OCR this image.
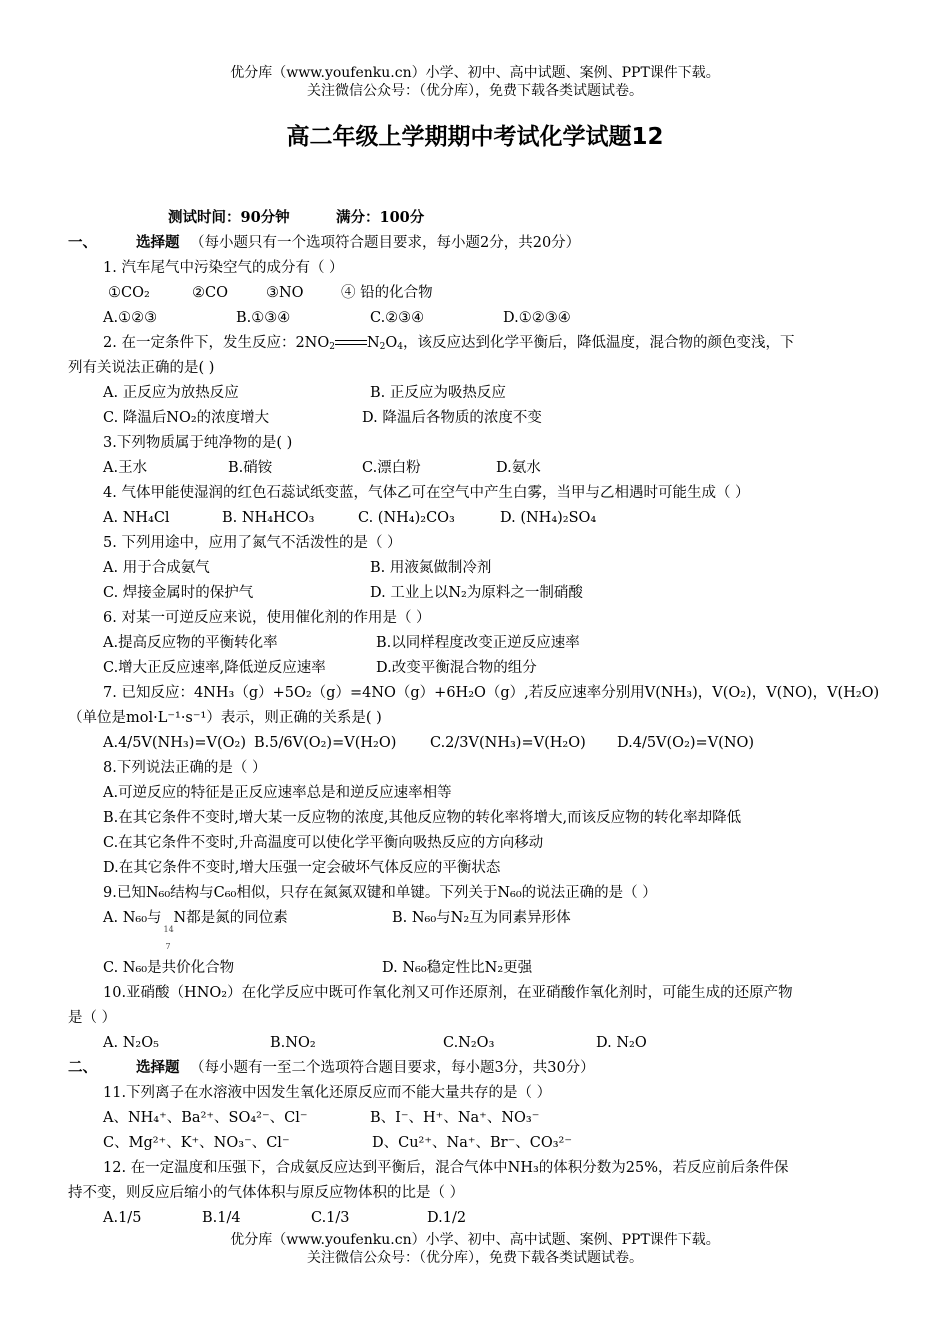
优分库（www.youfenku.cn）小学、初中、高中试题、案例、PPT课件下载。
关注微信公众号：（优分库），免费下载各类试题试卷。
高二年级上学期期中考试化学试题12
测试时间：90分钟	满分：100分
一、	选择题 （每小题只有一个选项符合题目要求，每小题2分，共20分）
1. 汽车尾气中污染空气的成分有（ ）
①CO₂	②CO	③NO	④ 铅的化合物
A.①②③	B.①③④	C.②③④	D.①②③④
2. 在一定条件下，发生反应：$2NO_2$ $N_2O_4$，该反应达到化学平衡后，降低温度，混合物的颜色变浅，下
列有关说法正确的是( )
A. 正反应为放热反应	B. 正反应为吸热反应
C. 降温后NO₂的浓度增大	D. 降温后各物质的浓度不变
3.下列物质属于纯净物的是( )
A.王水	B.硝铵	C.漂白粉	D.氨水
4. 气体甲能使湿润的红色石蕊试纸变蓝，气体乙可在空气中产生白雾，当甲与乙相遇时可能生成（ ）
A. NH₄Cl	B. NH₄HCO₃	C. (NH₄)₂CO₃	D. (NH₄)₂SO₄
5. 下列用途中，应用了氮气不活泼性的是（ ）
A. 用于合成氨气	B. 用液氮做制冷剂
C. 焊接金属时的保护气	D. 工业上以N₂为原料之一制硝酸
6. 对某一可逆反应来说，使用催化剂的作用是（ ）
A.提高反应物的平衡转化率	B.以同样程度改变正逆反应速率
C.增大正反应速率,降低逆反应速率	D.改变平衡混合物的组分
7. 已知反应：4NH₃（g）+5O₂（g）=4NO（g）+6H₂O（g）,若反应速率分别用V(NH₃)，V(O₂)，V(NO)，V(H₂O)
（单位是mol·L⁻¹·s⁻¹）表示，则正确的关系是( )
A.4/5V(NH₃)=V(O₂) B.5/6V(O₂)=V(H₂O) C.2/3V(NH₃)=V(H₂O) D.4/5V(O₂)=V(NO)
8.下列说法正确的是（ ）
A.可逆反应的特征是正反应速率总是和逆反应速率相等
B.在其它条件不变时,增大某一反应物的浓度,其他反应物的转化率将增大,而该反应物的转化率却降低
C.在其它条件不变时,升高温度可以使化学平衡向吸热反应的方向移动
D.在其它条件不变时,增大压强一定会破坏气体反应的平衡状态
9.已知N₆₀结构与C₆₀相似，只存在氮氮双键和单键。下列关于N₆₀的说法正确的是（ ）
A. N₆₀与
14
7
N都是氮的同位素	B. N₆₀与N₂互为同素异形体
C. N₆₀是共价化合物	D. N₆₀稳定性比N₂更强
10.亚硝酸（HNO₂）在化学反应中既可作氧化剂又可作还原剂，在亚硝酸作氧化剂时，可能生成的还原产物
是（ ）
A. N₂O₅	B.NO₂	C.N₂O₃	D. N₂O
二、	选择题 （每小题有一至二个选项符合题目要求，每小题3分，共30分）
11.下列离子在水溶液中因发生氧化还原反应而不能大量共存的是（ ）
A、NH₄⁺、Ba²⁺、SO₄²⁻、Cl⁻	B、I⁻、H⁺、Na⁺、NO₃⁻
C、Mg²⁺、K⁺、NO₃⁻、Cl⁻	D、Cu²⁺、Na⁺、Br⁻、CO₃²⁻
12. 在一定温度和压强下，合成氨反应达到平衡后，混合气体中NH₃的体积分数为25%，若反应前后条件保
持不变，则反应后缩小的气体体积与原反应物体积的比是（ ）
A.1/5	B.1/4	C.1/3	D.1/2
优分库（www.youfenku.cn）小学、初中、高中试题、案例、PPT课件下载。
关注微信公众号：（优分库），免费下载各类试题试卷。
